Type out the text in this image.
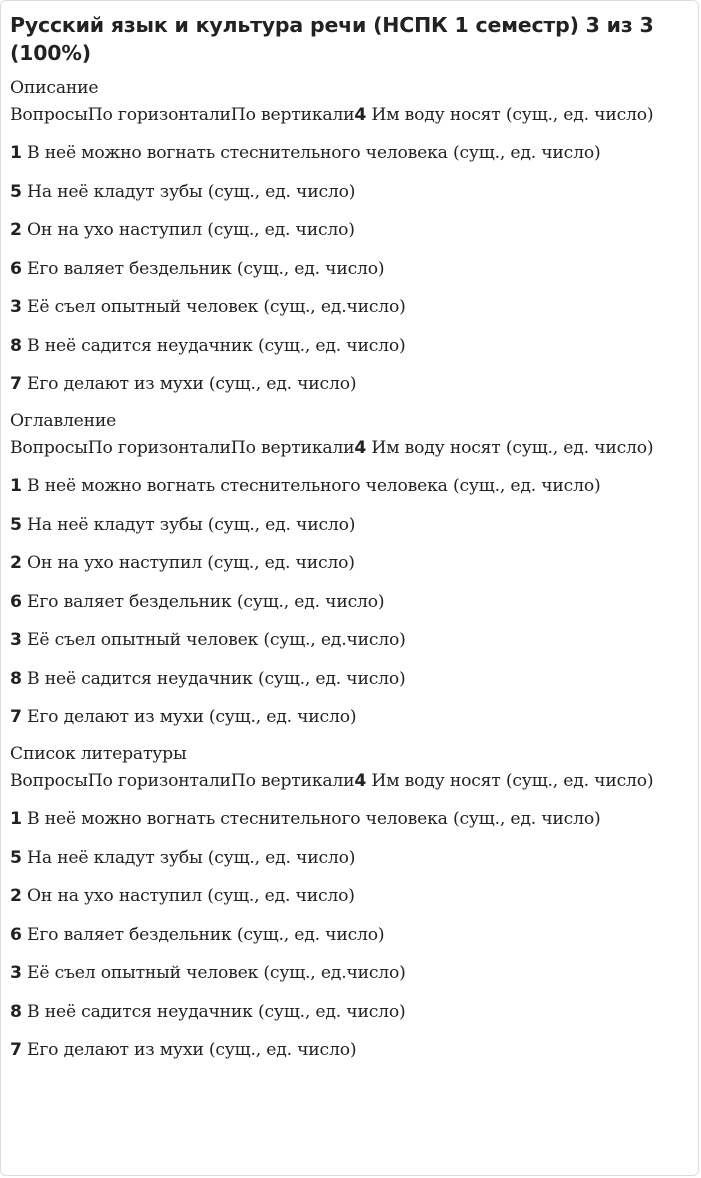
Русский язык и культура речи (НСПК 1 семестр) 3 из 3 (100%)
Описание

ВопросыПо горизонталиПо вертикали4 Им воду носят (сущ., ед. число)

1 В неё можно вогнать стеснительного человека (сущ., ед. число)

5 На неё кладут зубы (сущ., ед. число)

2 Он на ухо наступил (сущ., ед. число)

6 Его валяет бездельник (сущ., ед. число)

3 Её съел опытный человек (сущ., ед.число)

8 В неё садится неудачник (сущ., ед. число)

7 Его делают из мухи (сущ., ед. число)

Оглавление

ВопросыПо горизонталиПо вертикали4 Им воду носят (сущ., ед. число)

1 В неё можно вогнать стеснительного человека (сущ., ед. число)

5 На неё кладут зубы (сущ., ед. число)

2 Он на ухо наступил (сущ., ед. число)

6 Его валяет бездельник (сущ., ед. число)

3 Её съел опытный человек (сущ., ед.число)

8 В неё садится неудачник (сущ., ед. число)

7 Его делают из мухи (сущ., ед. число)

Список литературы

ВопросыПо горизонталиПо вертикали4 Им воду носят (сущ., ед. число)

1 В неё можно вогнать стеснительного человека (сущ., ед. число)

5 На неё кладут зубы (сущ., ед. число)

2 Он на ухо наступил (сущ., ед. число)

6 Его валяет бездельник (сущ., ед. число)

3 Её съел опытный человек (сущ., ед.число)

8 В неё садится неудачник (сущ., ед. число)

7 Его делают из мухи (сущ., ед. число)
